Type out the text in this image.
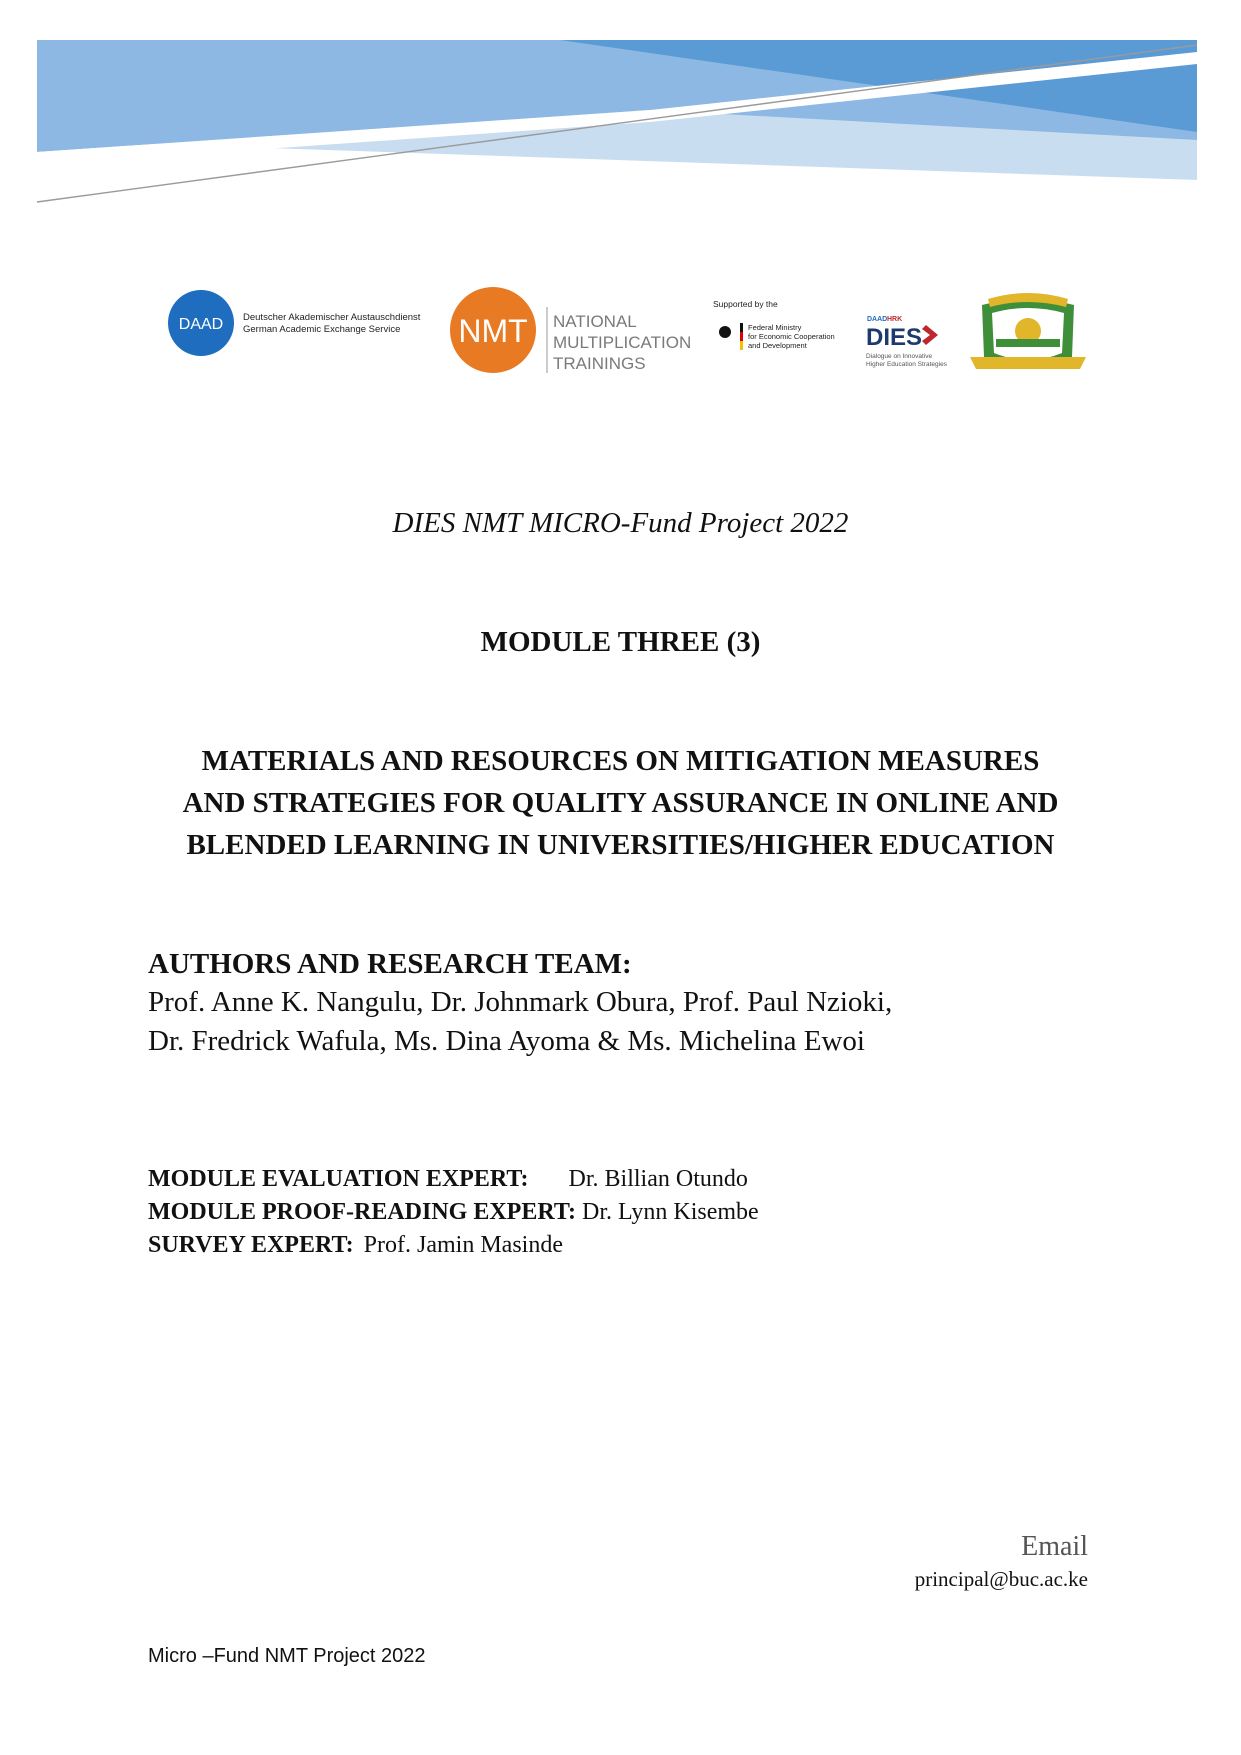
DAAD Deutscher Akademischer Austauschdienst
German Academic Exchange Service NMT NATIONAL
MULTIPLICATION
TRAININGS
Supported by the
Federal Ministry
for Economic Cooperation
and Development
DAAD HRK
DIES
Dialogue on Innovative
Higher Education Strategies
DIES NMT MICRO-Fund Project 2022
MODULE THREE (3)
MATERIALS AND RESOURCES ON MITIGATION MEASURES
AND STRATEGIES FOR QUALITY ASSURANCE IN ONLINE AND
BLENDED LEARNING IN UNIVERSITIES/HIGHER EDUCATION
AUTHORS AND RESEARCH TEAM:
Prof. Anne K. Nangulu, Dr. Johnmark Obura, Prof. Paul Nzioki,
Dr. Fredrick Wafula, Ms. Dina Ayoma & Ms. Michelina Ewoi
MODULE EVALUATION EXPERT: Dr. Billian Otundo
MODULE PROOF-READING EXPERT: Dr. Lynn Kisembe
SURVEY EXPERT: Prof. Jamin Masinde
Email
principal@buc.ac.ke
Micro –Fund NMT Project 2022
